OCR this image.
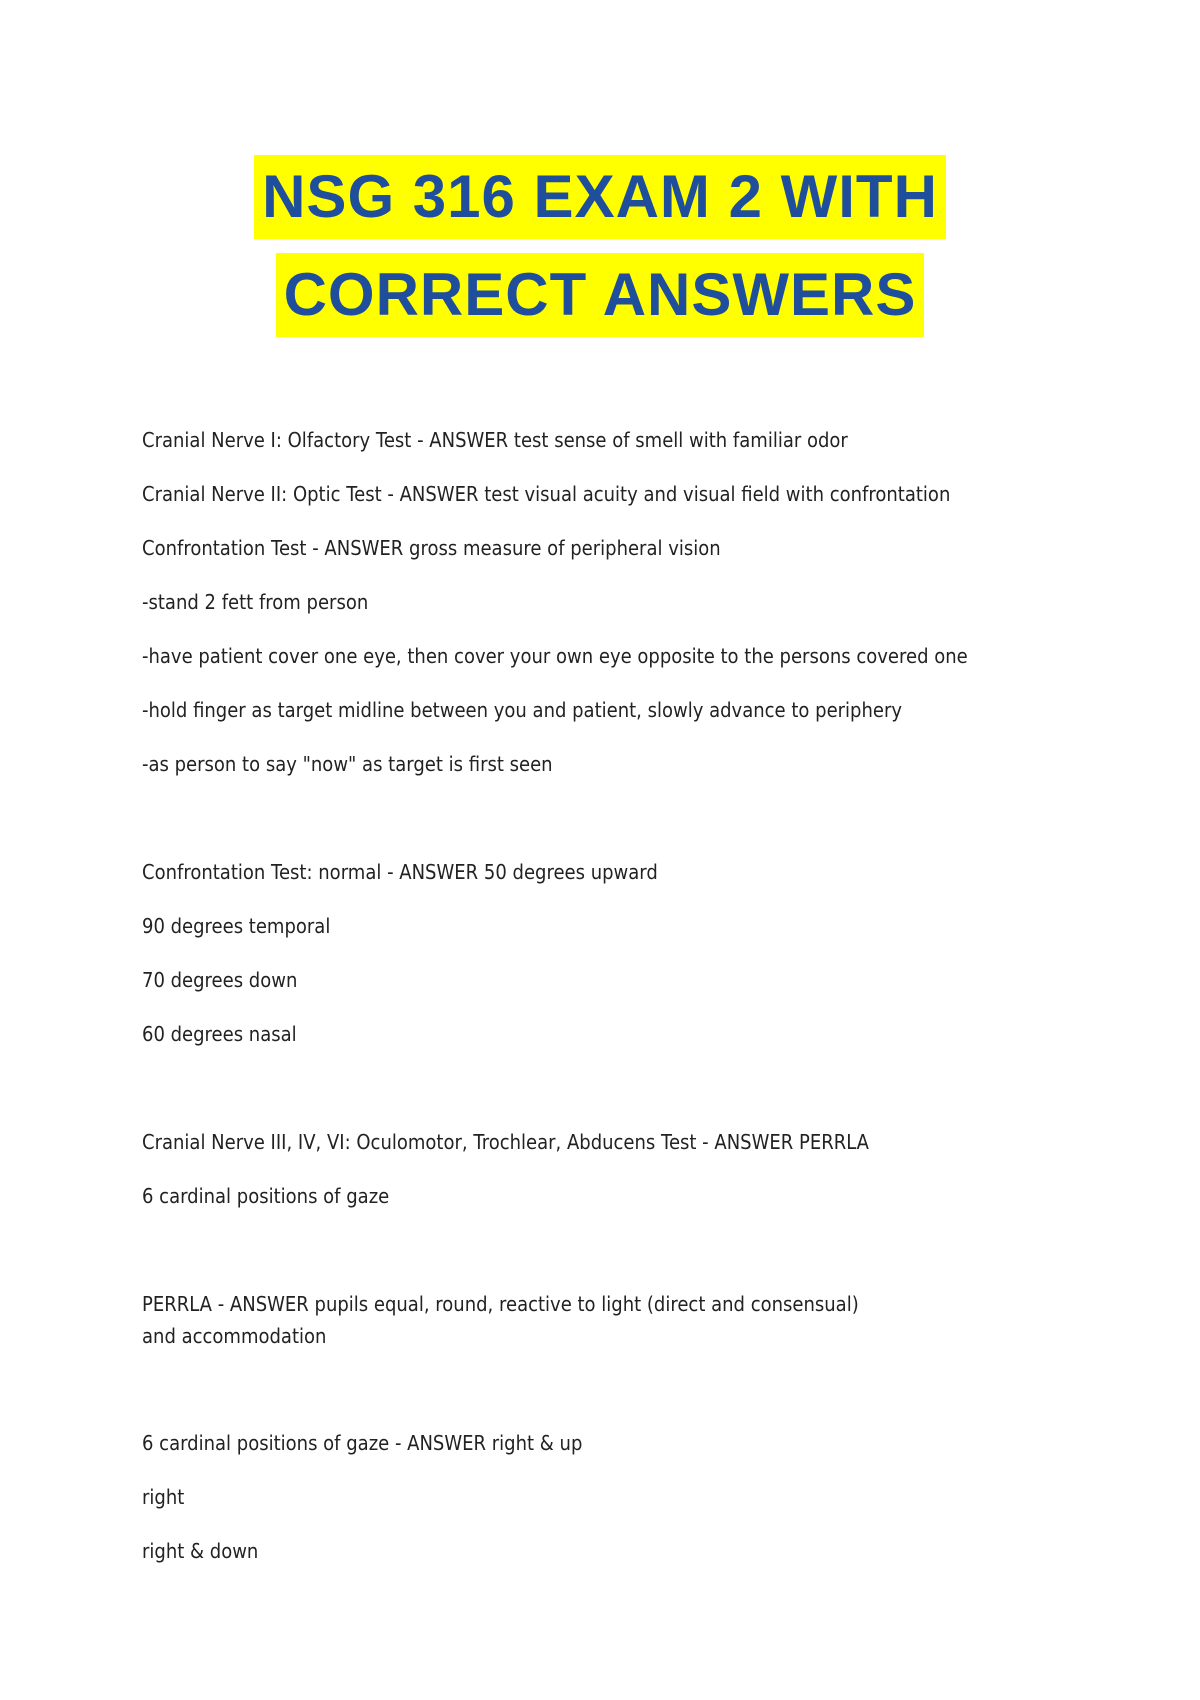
NSG 316 EXAM 2 WITH
CORRECT ANSWERS
Cranial Nerve I: Olfactory Test - ANSWER test sense of smell with familiar odor
Cranial Nerve II: Optic Test - ANSWER test visual acuity and visual field with confrontation
Confrontation Test - ANSWER gross measure of peripheral vision
-stand 2 fett from person
-have patient cover one eye, then cover your own eye opposite to the persons covered one
-hold finger as target midline between you and patient, slowly advance to periphery
-as person to say "now" as target is first seen
Confrontation Test: normal - ANSWER 50 degrees upward
90 degrees temporal
70 degrees down
60 degrees nasal
Cranial Nerve III, IV, VI: Oculomotor, Trochlear, Abducens Test - ANSWER PERRLA
6 cardinal positions of gaze
PERRLA - ANSWER pupils equal, round, reactive to light (direct and consensual) and accommodation
6 cardinal positions of gaze - ANSWER right & up
right
right & down
